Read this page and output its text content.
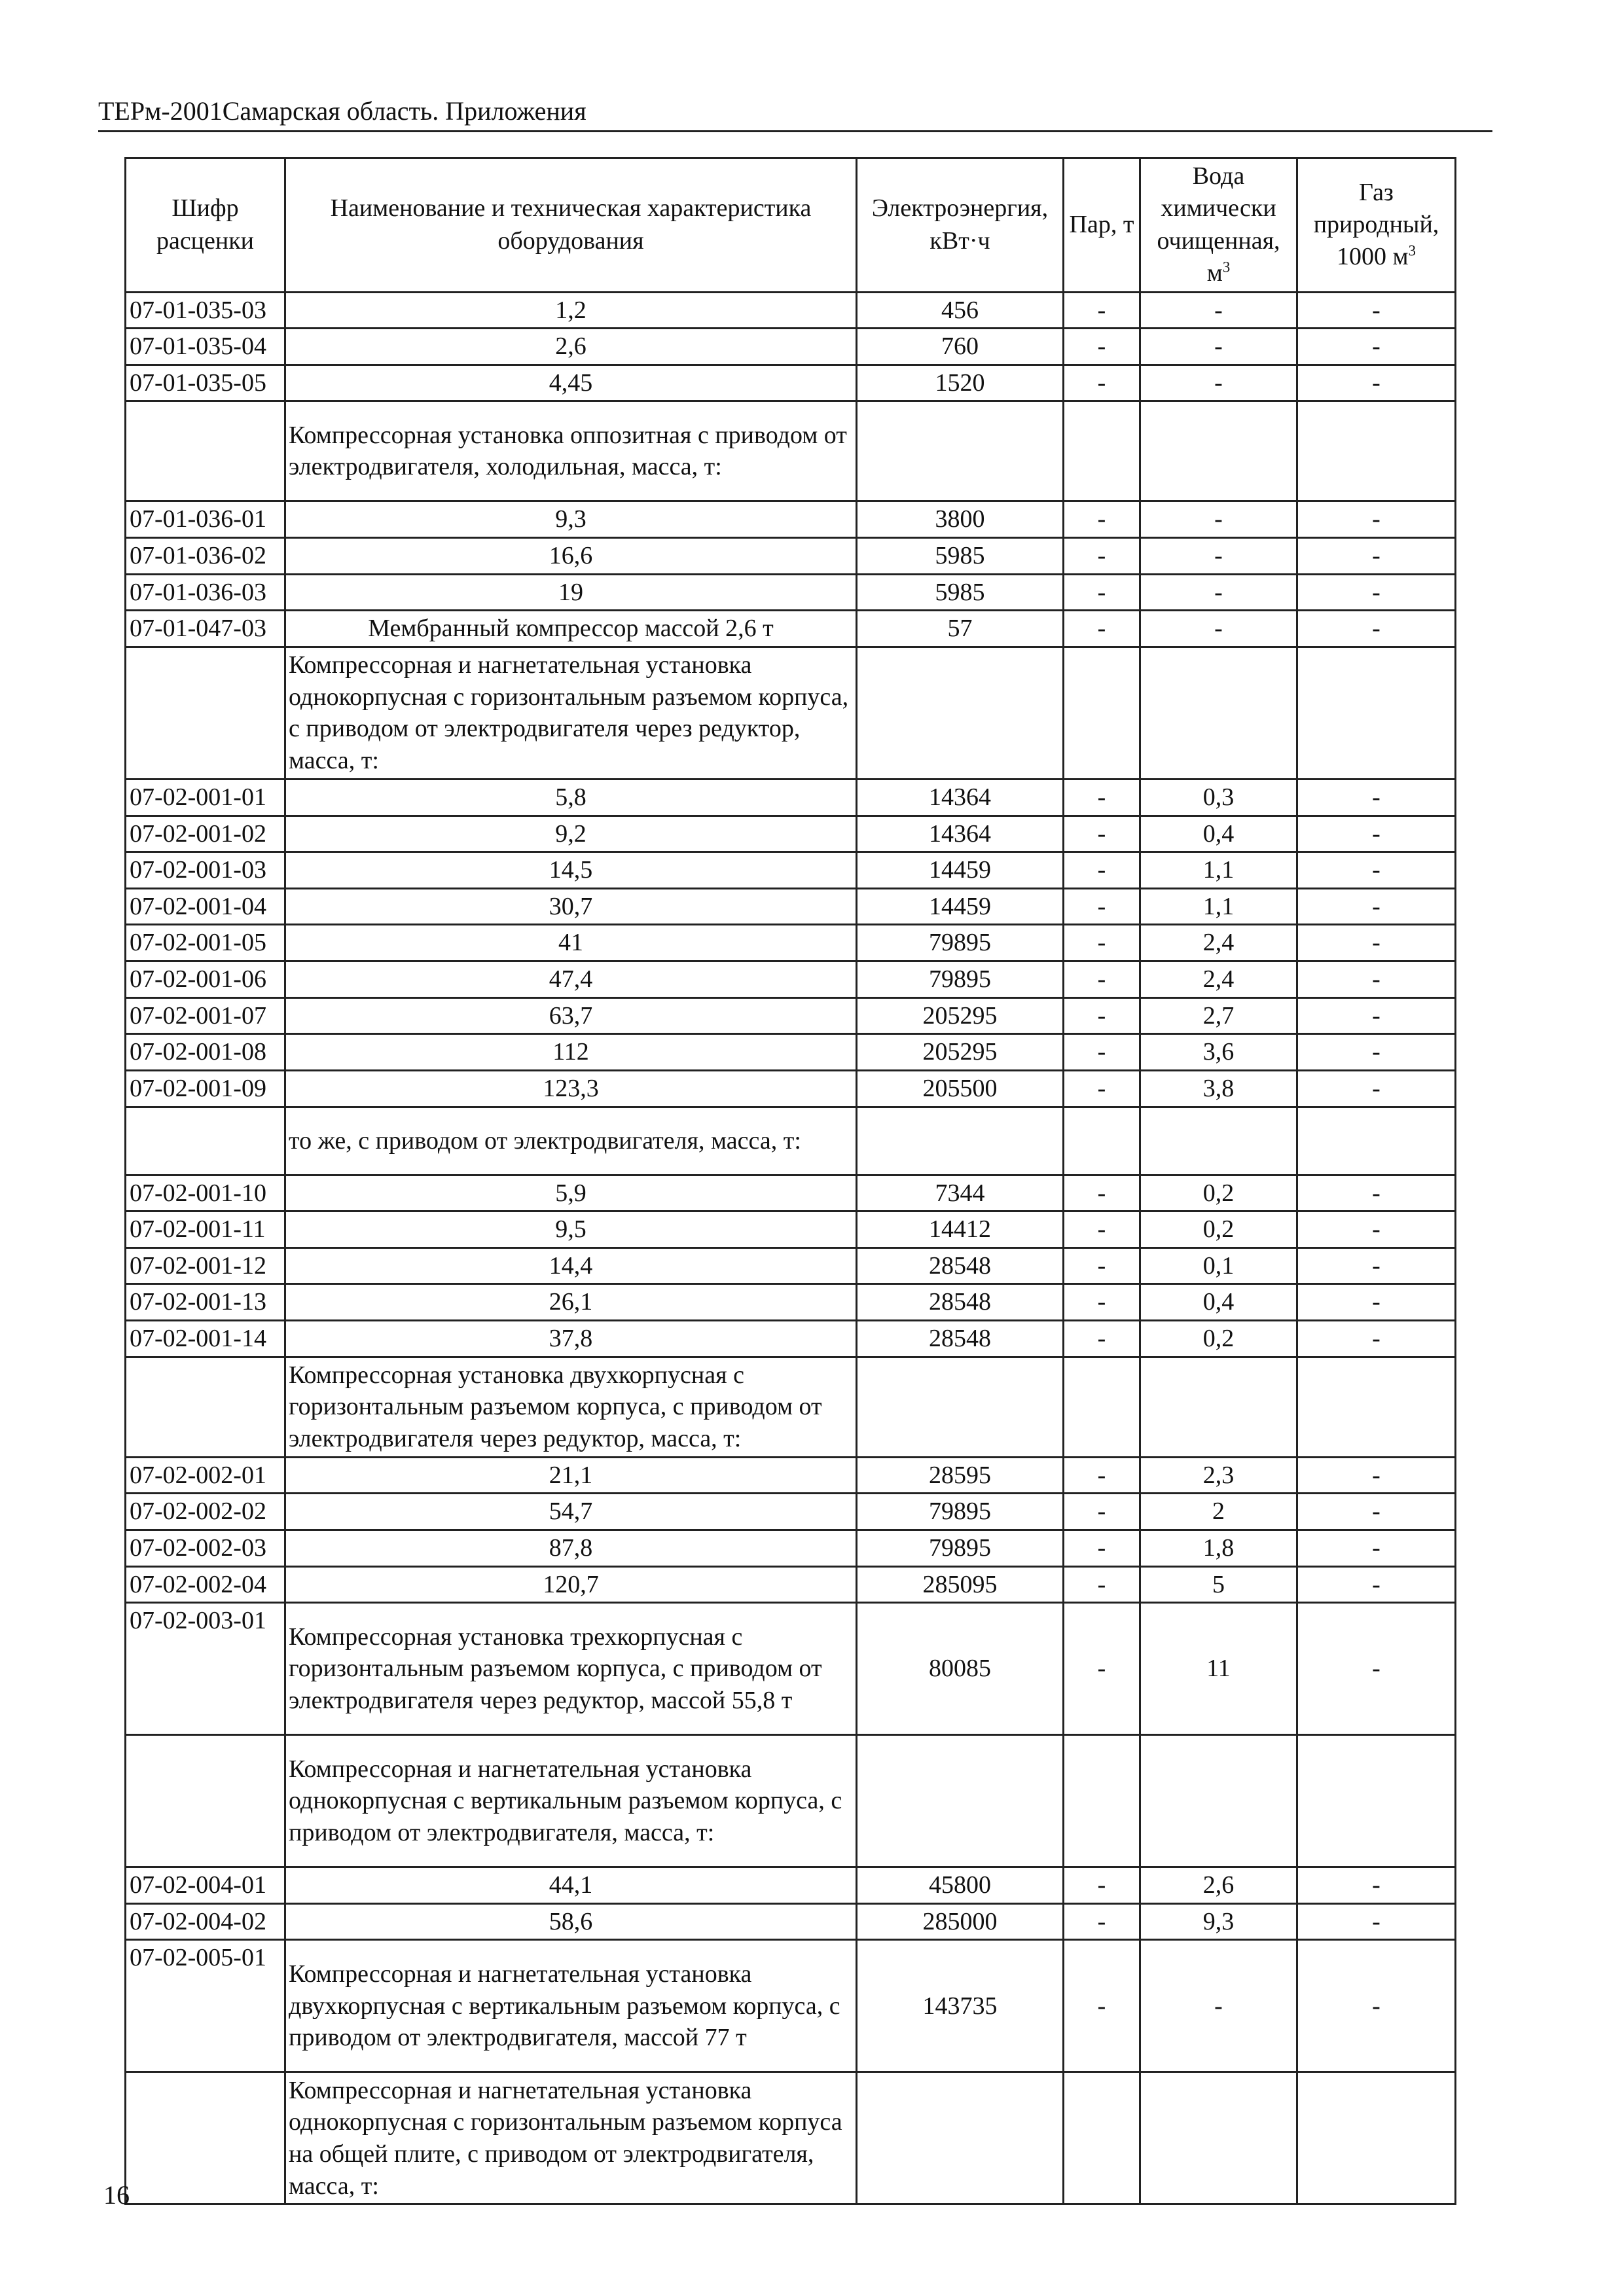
ТЕРм-2001Самарская область. Приложения
Шифр расценки	Наименование и техническая характеристика оборудования	Электроэнергия, кВт·ч	Пар, т	Вода химически очищенная, $м^3$	Газ природный, 1000 $м^3$
07-01-035-03	1,2	456	-	-	-
07-01-035-04	2,6	760	-	-	-
07-01-035-05	4,45	1520	-	-	-
	Компрессорная установка оппозитная с приводом от электродвигателя, холодильная, масса, т:				
07-01-036-01	9,3	3800	-	-	-
07-01-036-02	16,6	5985	-	-	-
07-01-036-03	19	5985	-	-	-
07-01-047-03	Мембранный компрессор массой 2,6 т	57	-	-	-
	Компрессорная и нагнетательная установка однокорпусная с горизонтальным разъемом корпуса, с приводом от электродвигателя через редуктор, масса, т:				
07-02-001-01	5,8	14364	-	0,3	-
07-02-001-02	9,2	14364	-	0,4	-
07-02-001-03	14,5	14459	-	1,1	-
07-02-001-04	30,7	14459	-	1,1	-
07-02-001-05	41	79895	-	2,4	-
07-02-001-06	47,4	79895	-	2,4	-
07-02-001-07	63,7	205295	-	2,7	-
07-02-001-08	112	205295	-	3,6	-
07-02-001-09	123,3	205500	-	3,8	-
	то же, с приводом от электродвигателя, масса, т:				
07-02-001-10	5,9	7344	-	0,2	-
07-02-001-11	9,5	14412	-	0,2	-
07-02-001-12	14,4	28548	-	0,1	-
07-02-001-13	26,1	28548	-	0,4	-
07-02-001-14	37,8	28548	-	0,2	-
	Компрессорная установка двухкорпусная с горизонтальным разъемом корпуса, с приводом от электродвигателя через редуктор, масса, т:				
07-02-002-01	21,1	28595	-	2,3	-
07-02-002-02	54,7	79895	-	2	-
07-02-002-03	87,8	79895	-	1,8	-
07-02-002-04	120,7	285095	-	5	-
07-02-003-01	Компрессорная установка трехкорпусная с горизонтальным разъемом корпуса, с приводом от электродвигателя через редуктор, массой 55,8 т	80085	-	11	-
	Компрессорная и нагнетательная установка однокорпусная с вертикальным разъемом корпуса, с приводом от электродвигателя, масса, т:				
07-02-004-01	44,1	45800	-	2,6	-
07-02-004-02	58,6	285000	-	9,3	-
07-02-005-01	Компрессорная и нагнетательная установка двухкорпусная с вертикальным разъемом корпуса, с приводом от электродвигателя, массой 77 т	143735	-	-	-
	Компрессорная и нагнетательная установка однокорпусная с горизонтальным разъемом корпуса на общей плите, с приводом от электродвигателя, масса, т:				
16
